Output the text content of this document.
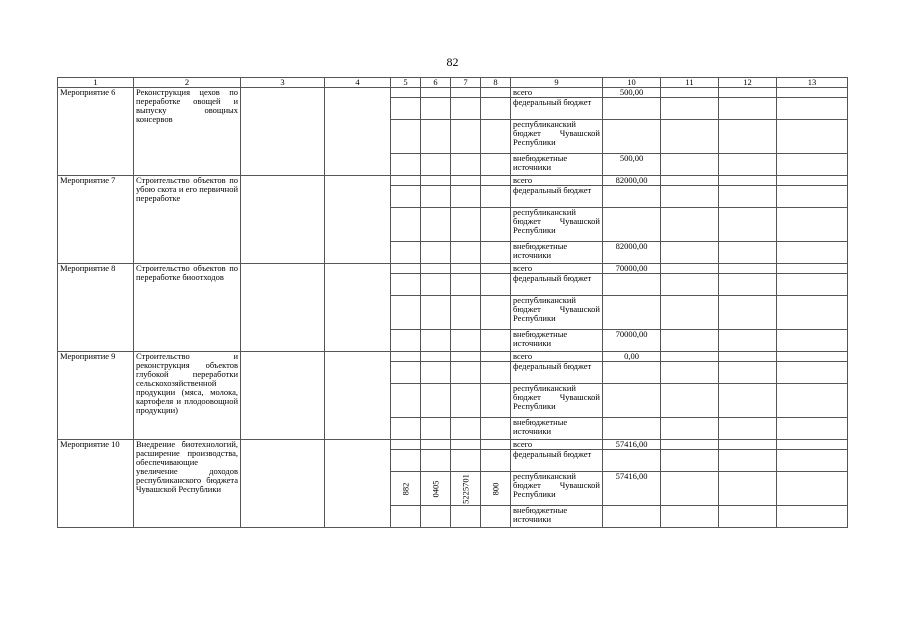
82
1	2	3	4	5	6	7	8	9	10	11	12	13
Мероприятие 6	Реконструкция цехов по переработке овощей и выпуску овощных консервов							всего	500,00			
								федеральный бюджет				
								республиканский бюджет Чувашской Республики				
								внебюджетные источники	500,00			
Мероприятие 7	Строительство объектов по убою скота и его первичной переработке							всего	82000,00			
								федеральный бюджет				
								республиканский бюджет Чувашской Республики				
								внебюджетные источники	82000,00			
Мероприятие 8	Строительство объектов по переработке биоотходов							всего	70000,00			
								федеральный бюджет				
								республиканский бюджет Чувашской Республики				
								внебюджетные источники	70000,00			
Мероприятие 9	Строительство и реконструкция объектов глубокой переработки сельскохозяйственной продукции (мяса, молока, картофеля и плодоовощной продукции)							всего	0,00			
								федеральный бюджет				
								республиканский бюджет Чувашской Республики				
								внебюджетные источники				
Мероприятие 10	Внедрение биотехнологий, расширение производства, обеспечивающие увеличение доходов республиканского бюджета Чувашской Республики							всего	57416,00			
								федеральный бюджет				

				882	0405	5225701	800	республиканский бюджет Чувашской Республики	57416,00			
								внебюджетные источники				
